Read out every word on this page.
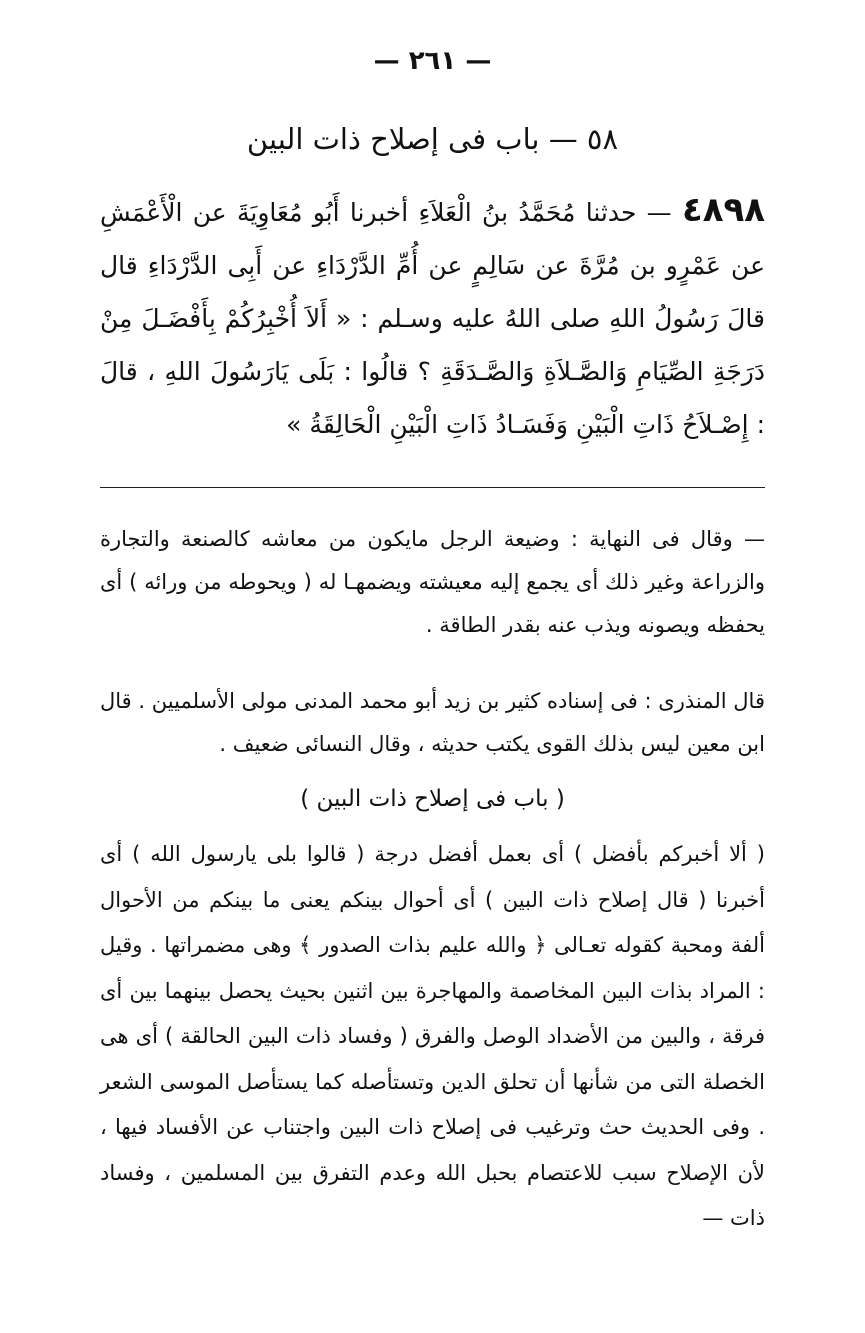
— ٢٦١ —
٥٨ — باب فى إصلاح ذات البين
٤٨٩٨ — حدثنا مُحَمَّدُ بنُ الْعَلاَءِ أخبرنا أَبُو مُعَاوِيَةَ عن الْأَعْمَشِ عن عَمْرٍو بن مُرَّةَ عن سَالِمٍ عن أُمِّ الدَّرْدَاءِ عن أَبِى الدَّرْدَاءِ قال قالَ رَسُولُ اللهِ صلى اللهُ عليه وسـلم : « أَلاَ أُخْبِرُكُمْ بِأَفْضَـلَ مِنْ دَرَجَةِ الصِّيَامِ وَالصَّـلاَةِ وَالصَّـدَقَةِ ؟ قالُوا : بَلَى يَارَسُولَ اللهِ ، قالَ : إِصْـلاَحُ ذَاتِ الْبَيْنِ وَفَسَـادُ ذَاتِ الْبَيْنِ الْحَالِقَةُ »

— وقال فى النهاية : وضيعة الرجل مايكون من معاشه كالصنعة والتجارة والزراعة وغير ذلك أى يجمع إليه معيشته ويضمهـا له ( ويحوطه من ورائه ) أى يحفظه ويصونه ويذب عنه بقدر الطاقة .

قال المنذرى : فى إسناده كثير بن زيد أبو محمد المدنى مولى الأسلميين . قال ابن معين ليس بذلك القوى يكتب حديثه ، وقال النسائى ضعيف .

( باب فى إصلاح ذات البين )

( ألا أخبركم بأفضل ) أى بعمل أفضل درجة ( قالوا بلى يارسول الله ) أى أخبرنا ( قال إصلاح ذات البين ) أى أحوال بينكم يعنى ما بينكم من الأحوال ألفة ومحبة كقوله تعـالى ﴿ والله عليم بذات الصدور ﴾ وهى مضمراتها . وقيل : المراد بذات البين المخاصمة والمهاجرة بين اثنين بحيث يحصل بينهما بين أى فرقة ، والبين من الأضداد الوصل والفرق ( وفساد ذات البين الحالقة ) أى هى الخصلة التى من شأنها أن تحلق الدين وتستأصله كما يستأصل الموسى الشعر . وفى الحديث حث وترغيب فى إصلاح ذات البين واجتناب عن الأفساد فيها ، لأن الإصلاح سبب للاعتصام بحبل الله وعدم التفرق بين المسلمين ، وفساد ذات —
